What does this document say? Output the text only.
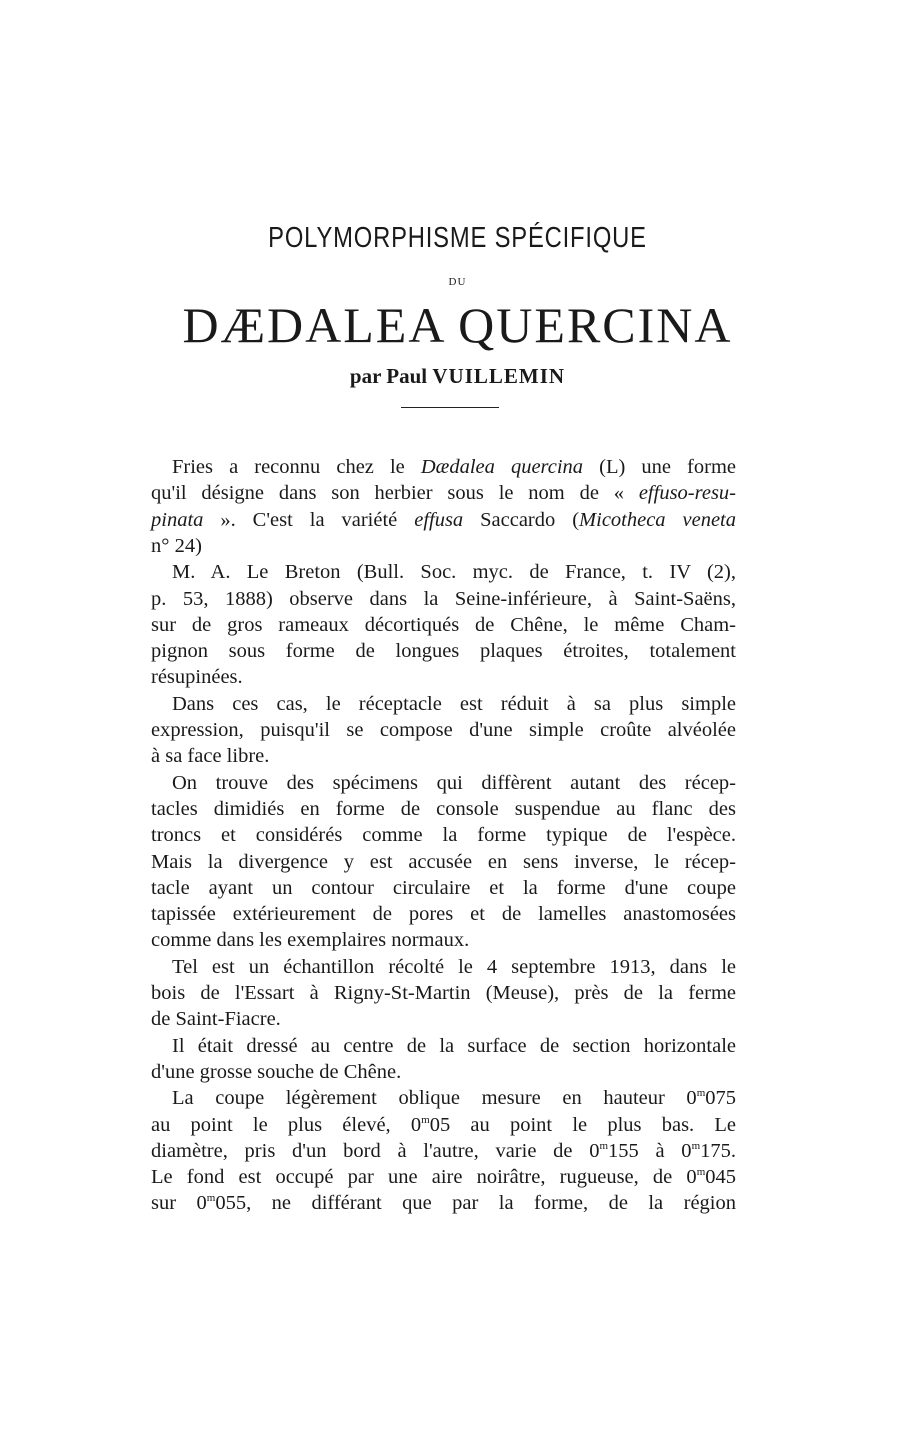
POLYMORPHISME SPÉCIFIQUE
DU
DÆDALEA QUERCINA
par Paul VUILLEMIN
Fries a reconnu chez le Dædalea quercina (L) une forme
qu'il désigne dans son herbier sous le nom de « effuso-resu-
pinata ». C'est la variété effusa Saccardo (Micotheca veneta
n° 24)
M. A. Le Breton (Bull. Soc. myc. de France, t. IV (2),
p. 53, 1888) observe dans la Seine-inférieure, à Saint-Saëns,
sur de gros rameaux décortiqués de Chêne, le même Cham-
pignon sous forme de longues plaques étroites, totalement
résupinées.
Dans ces cas, le réceptacle est réduit à sa plus simple
expression, puisqu'il se compose d'une simple croûte alvéolée
à sa face libre.
On trouve des spécimens qui diffèrent autant des récep-
tacles dimidiés en forme de console suspendue au flanc des
troncs et considérés comme la forme typique de l'espèce.
Mais la divergence y est accusée en sens inverse, le récep-
tacle ayant un contour circulaire et la forme d'une coupe
tapissée extérieurement de pores et de lamelles anastomosées
comme dans les exemplaires normaux.
Tel est un échantillon récolté le 4 septembre 1913, dans le
bois de l'Essart à Rigny-St-Martin (Meuse), près de la ferme
de Saint-Fiacre.
Il était dressé au centre de la surface de section horizontale
d'une grosse souche de Chêne.
La coupe légèrement oblique mesure en hauteur 0$^m$075
au point le plus élevé, 0$^m$05 au point le plus bas. Le
diamètre, pris d'un bord à l'autre, varie de 0$^m$155 à 0$^m$175.
Le fond est occupé par une aire noirâtre, rugueuse, de 0$^m$045
sur 0$^m$055, ne différant que par la forme, de la région
